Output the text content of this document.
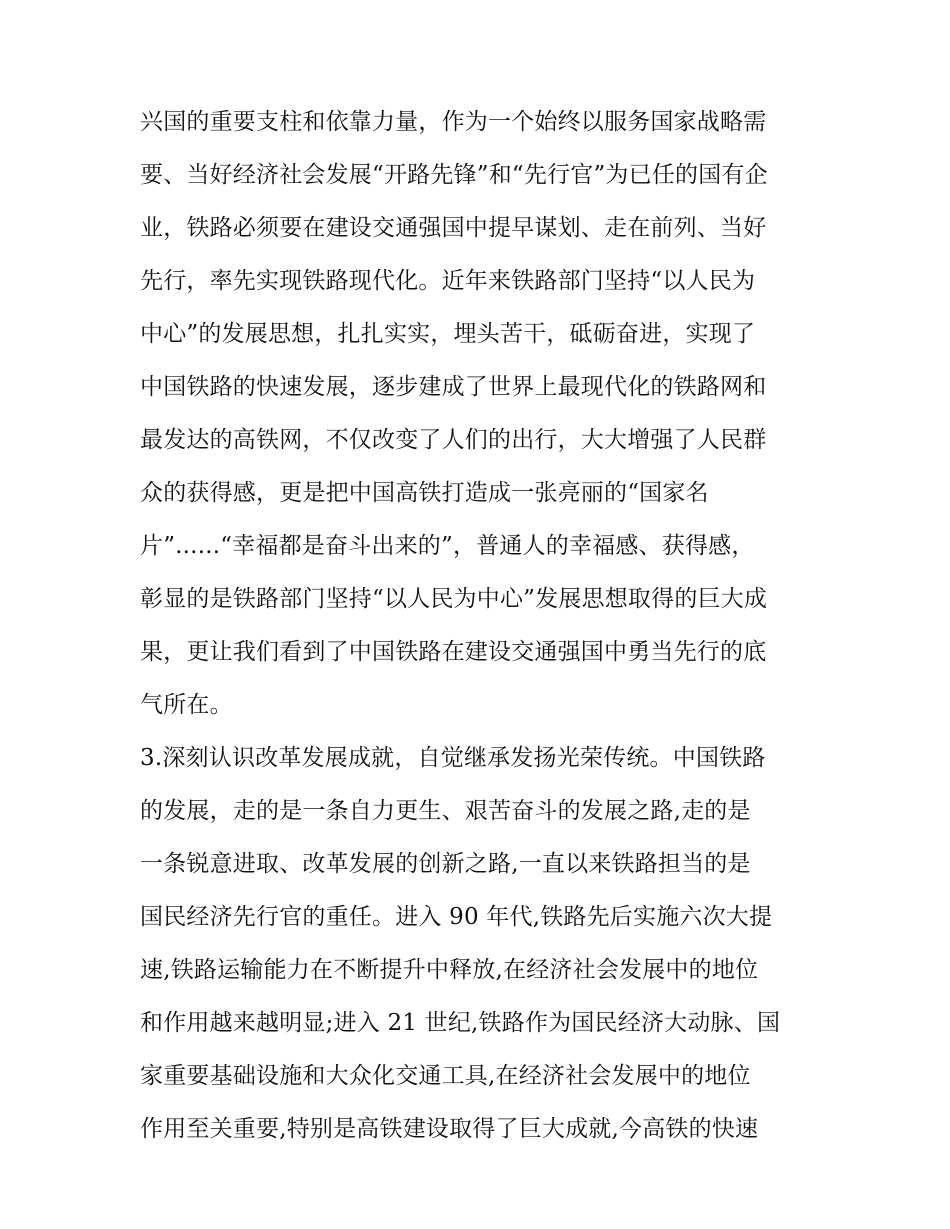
兴国的重要支柱和依靠力量，作为一个始终以服务国家战略需
要、当好经济社会发展“开路先锋”和“先行官”为已任的国有企
业，铁路必须要在建设交通强国中提早谋划、走在前列、当好
先行，率先实现铁路现代化。近年来铁路部门坚持“以人民为
中心”的发展思想，扎扎实实，埋头苦干，砥砺奋进，实现了
中国铁路的快速发展，逐步建成了世界上最现代化的铁路网和
最发达的高铁网，不仅改变了人们的出行，大大增强了人民群
众的获得感，更是把中国高铁打造成一张亮丽的“国家名
片”......“幸福都是奋斗出来的”，普通人的幸福感、获得感，
彰显的是铁路部门坚持“以人民为中心”发展思想取得的巨大成
果，更让我们看到了中国铁路在建设交通强国中勇当先行的底
气所在。
3.深刻认识改革发展成就，自觉继承发扬光荣传统。中国铁路
的发展，走的是一条自力更生、艰苦奋斗的发展之路,走的是
一条锐意进取、改革发展的创新之路,一直以来铁路担当的是
国民经济先行官的重任。进入 90 年代,铁路先后实施六次大提
速,铁路运输能力在不断提升中释放,在经济社会发展中的地位
和作用越来越明显;进入 21 世纪,铁路作为国民经济大动脉、国
家重要基础设施和大众化交通工具,在经济社会发展中的地位
作用至关重要,特别是高铁建设取得了巨大成就,今高铁的快速
